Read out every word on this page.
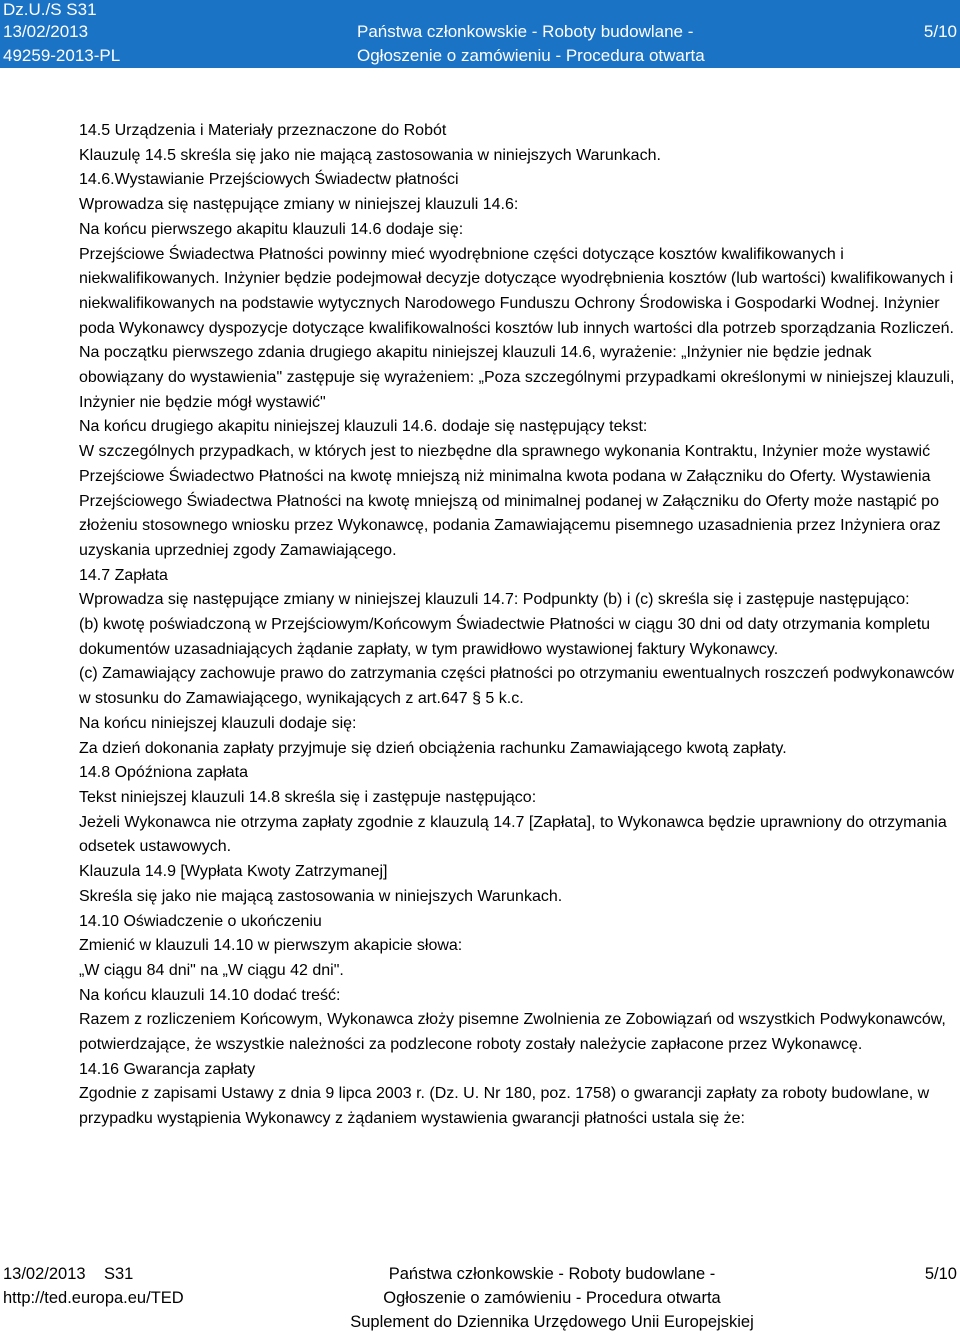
Dz.U./S S31
13/02/2013
49259-2013-PL
Państwa członkowskie - Roboty budowlane -
Ogłoszenie o zamówieniu - Procedura otwarta
5/10

14.5 Urządzenia i Materiały przeznaczone do Robót

Klauzulę 14.5 skreśla się jako nie mającą zastosowania w niniejszych Warunkach.

14.6.Wystawianie Przejściowych Świadectw płatności

Wprowadza się następujące zmiany w niniejszej klauzuli 14.6:

Na końcu pierwszego akapitu klauzuli 14.6 dodaje się:

Przejściowe Świadectwa Płatności powinny mieć wyodrębnione części dotyczące kosztów kwalifikowanych i niekwalifikowanych. Inżynier będzie podejmował decyzje dotyczące wyodrębnienia kosztów (lub wartości) kwalifikowanych i niekwalifikowanych na podstawie wytycznych Narodowego Funduszu Ochrony Środowiska i Gospodarki Wodnej. Inżynier poda Wykonawcy dyspozycje dotyczące kwalifikowalności kosztów lub innych wartości dla potrzeb sporządzania Rozliczeń.

Na początku pierwszego zdania drugiego akapitu niniejszej klauzuli 14.6, wyrażenie: „Inżynier nie będzie jednak obowiązany do wystawienia" zastępuje się wyrażeniem: „Poza szczególnymi przypadkami określonymi w niniejszej klauzuli, Inżynier nie będzie mógł wystawić"

Na końcu drugiego akapitu niniejszej klauzuli 14.6. dodaje się następujący tekst:

W szczególnych przypadkach, w których jest to niezbędne dla sprawnego wykonania Kontraktu, Inżynier może wystawić Przejściowe Świadectwo Płatności na kwotę mniejszą niż minimalna kwota podana w Załączniku do Oferty. Wystawienia Przejściowego Świadectwa Płatności na kwotę mniejszą od minimalnej podanej w Załączniku do Oferty może nastąpić po złożeniu stosownego wniosku przez Wykonawcę, podania Zamawiającemu pisemnego uzasadnienia przez Inżyniera oraz uzyskania uprzedniej zgody Zamawiającego.

14.7 Zapłata

Wprowadza się następujące zmiany w niniejszej klauzuli 14.7: Podpunkty (b) i (c) skreśla się i zastępuje następująco:

(b) kwotę poświadczoną w Przejściowym/Końcowym Świadectwie Płatności w ciągu 30 dni od daty otrzymania kompletu dokumentów uzasadniających żądanie zapłaty, w tym prawidłowo wystawionej faktury Wykonawcy.

(c) Zamawiający zachowuje prawo do zatrzymania części płatności po otrzymaniu ewentualnych roszczeń podwykonawców w stosunku do Zamawiającego, wynikających z art.647 § 5 k.c.

Na końcu niniejszej klauzuli dodaje się:

Za dzień dokonania zapłaty przyjmuje się dzień obciążenia rachunku Zamawiającego kwotą zapłaty.

14.8 Opóźniona zapłata

Tekst niniejszej klauzuli 14.8 skreśla się i zastępuje następująco:

Jeżeli Wykonawca nie otrzyma zapłaty zgodnie z klauzulą 14.7 [Zapłata], to Wykonawca będzie uprawniony do otrzymania odsetek ustawowych.

Klauzula 14.9 [Wypłata Kwoty Zatrzymanej]

Skreśla się jako nie mającą zastosowania w niniejszych Warunkach.

14.10 Oświadczenie o ukończeniu

Zmienić w klauzuli 14.10 w pierwszym akapicie słowa:

„W ciągu 84 dni" na „W ciągu 42 dni".

Na końcu klauzuli 14.10 dodać treść:

Razem z rozliczeniem Końcowym, Wykonawca złoży pisemne Zwolnienia ze Zobowiązań od wszystkich Podwykonawców, potwierdzające, że wszystkie należności za podzlecone roboty zostały należycie zapłacone przez Wykonawcę.

14.16 Gwarancja zapłaty

Zgodnie z zapisami Ustawy z dnia 9 lipca 2003 r. (Dz. U. Nr 180, poz. 1758) o gwarancji zapłaty za roboty budowlane, w przypadku wystąpienia Wykonawcy z żądaniem wystawienia gwarancji płatności ustala się że:

13/02/2013 S31
http://ted.europa.eu/TED
Państwa członkowskie - Roboty budowlane -
Ogłoszenie o zamówieniu - Procedura otwarta
Suplement do Dziennika Urzędowego Unii Europejskiej
5/10
